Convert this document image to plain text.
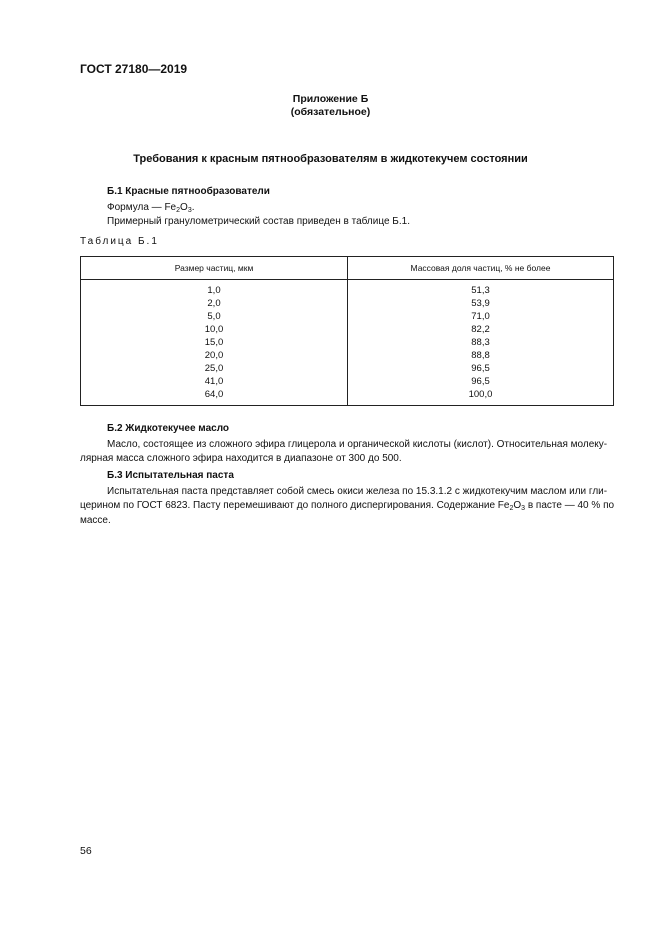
ГОСТ 27180—2019
Приложение Б
(обязательное)
Требования к красным пятнообразователям в жидкотекучем состоянии
Б.1 Красные пятнообразователи
Формула — $Fe_2O_3$.
Примерный гранулометрический состав приведен в таблице Б.1.
Таблица Б.1
Размер частиц, мкм	Массовая доля частиц, % не более
1,0	51,3
2,0	53,9
5,0	71,0
10,0	82,2
15,0	88,3
20,0	88,8
25,0	96,5
41,0	96,5
64,0	100,0
Б.2 Жидкотекучее масло
Масло, состоящее из сложного эфира глицерола и органической кислоты (кислот). Относительная молеку-
лярная масса сложного эфира находится в диапазоне от 300 до 500.
Б.3 Испытательная паста
Испытательная паста представляет собой смесь окиси железа по 15.3.1.2 с жидкотекучим маслом или гли-
церином по ГОСТ 6823. Пасту перемешивают до полного диспергирования. Содержание $Fe_2O_3$ в пасте — 40 % по
массе.
56
